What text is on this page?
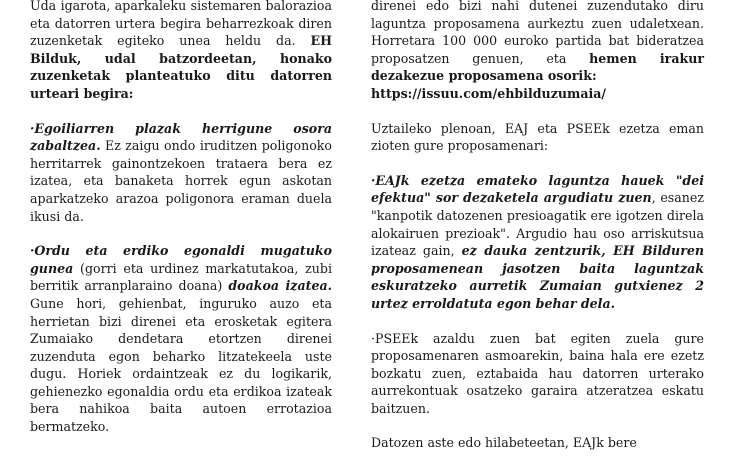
Uda igarota, aparkaleku sistemaren balorazioa eta datorren urtera begira beharrezkoak diren zuzenketak egiteko unea heldu da. EH Bilduk, udal batzordeetan, honako zuzenketak planteatuko ditu datorren urteari begira:

·Egoiliarren plazak herrigune osora zabaltzea. Ez zaigu ondo iruditzen poligonoko herritarrek gainontzekoen trataera bera ez izatea, eta banaketa horrek egun askotan aparkatzeko arazoa poligonora eraman duela ikusi da.

·Ordu eta erdiko egonaldi mugatuko gunea (gorri eta urdinez markatutakoa, zubi berritik arranplaraino doana) doakoa izatea. Gune hori, gehienbat, inguruko auzo eta herrietan bizi direnei eta erosketak egitera Zumaiako dendetara etortzen direnei zuzenduta egon beharko litzatekeela uste dugu. Horiek ordaintzeak ez du logikarik, gehienezko egonaldia ordu eta erdikoa izateak bera nahikoa baita autoen errotazioa bermatzeko.

direnei edo bizi nahi dutenei zuzendutako diru laguntza proposamena aurkeztu zuen udaletxean. Horretara 100 000 euroko partida bat bideratzea proposatzen genuen, eta hemen irakur dezakezue proposamena osorik:
https://issuu.com/ehbilduzumaia/

Uztaileko plenoan, EAJ eta PSEEk ezetza eman zioten gure proposamenari:

·EAJk ezetza emateko laguntza hauek "dei efektua" sor dezaketela argudiatu zuen, esanez "kanpotik datozenen presioagatik ere igotzen direla alokairuen prezioak". Argudio hau oso arriskutsua izateaz gain, ez dauka zentzurik, EH Bilduren proposamenean jasotzen baita laguntzak eskuratzeko aurretik Zumaian gutxienez 2 urtez erroldatuta egon behar dela.

·PSEEk azaldu zuen bat egiten zuela gure proposamenaren asmoarekin, baina hala ere ezetz bozkatu zuen, eztabaida hau datorren urterako aurrekontuak osatzeko garaira atzeratzea eskatu baitzuen.

Datozen aste edo hilabeteetan, EAJk bere
